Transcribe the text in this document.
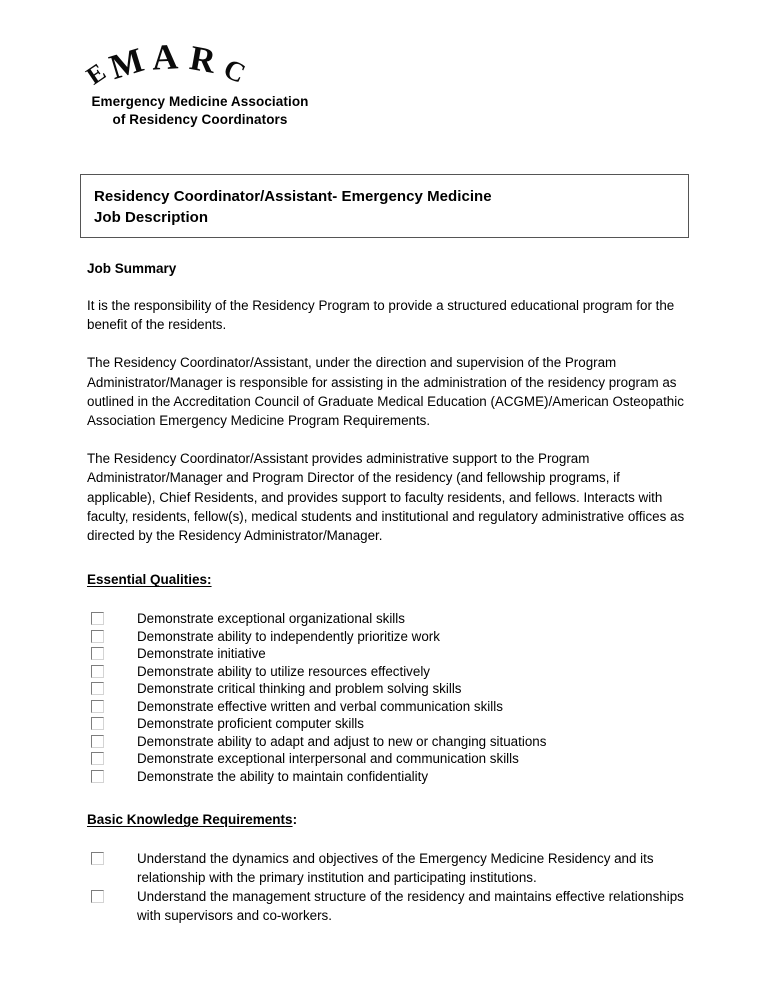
E
M A R C
Emergency Medicine Association
of Residency Coordinators
Residency Coordinator/Assistant- Emergency Medicine
Job Description
Job Summary

It is the responsibility of the Residency Program to provide a structured educational program for the benefit of the residents.

The Residency Coordinator/Assistant, under the direction and supervision of the Program Administrator/Manager is responsible for assisting in the administration of the residency program as outlined in the Accreditation Council of Graduate Medical Education (ACGME)/American Osteopathic Association Emergency Medicine Program Requirements.

The Residency Coordinator/Assistant provides administrative support to the Program Administrator/Manager and Program Director of the residency (and fellowship programs, if applicable), Chief Residents, and provides support to faculty residents, and fellows. Interacts with faculty, residents, fellow(s), medical students and institutional and regulatory administrative offices as directed by the Residency Administrator/Manager.

Essential Qualities:
Demonstrate exceptional organizational skills
Demonstrate ability to independently prioritize work
Demonstrate initiative
Demonstrate ability to utilize resources effectively
Demonstrate critical thinking and problem solving skills
Demonstrate effective written and verbal communication skills
Demonstrate proficient computer skills
Demonstrate ability to adapt and adjust to new or changing situations
Demonstrate exceptional interpersonal and communication skills
Demonstrate the ability to maintain confidentiality
Basic Knowledge Requirements:
Understand the dynamics and objectives of the Emergency Medicine Residency and its relationship with the primary institution and participating institutions.
Understand the management structure of the residency and maintains effective relationships with supervisors and co-workers.
